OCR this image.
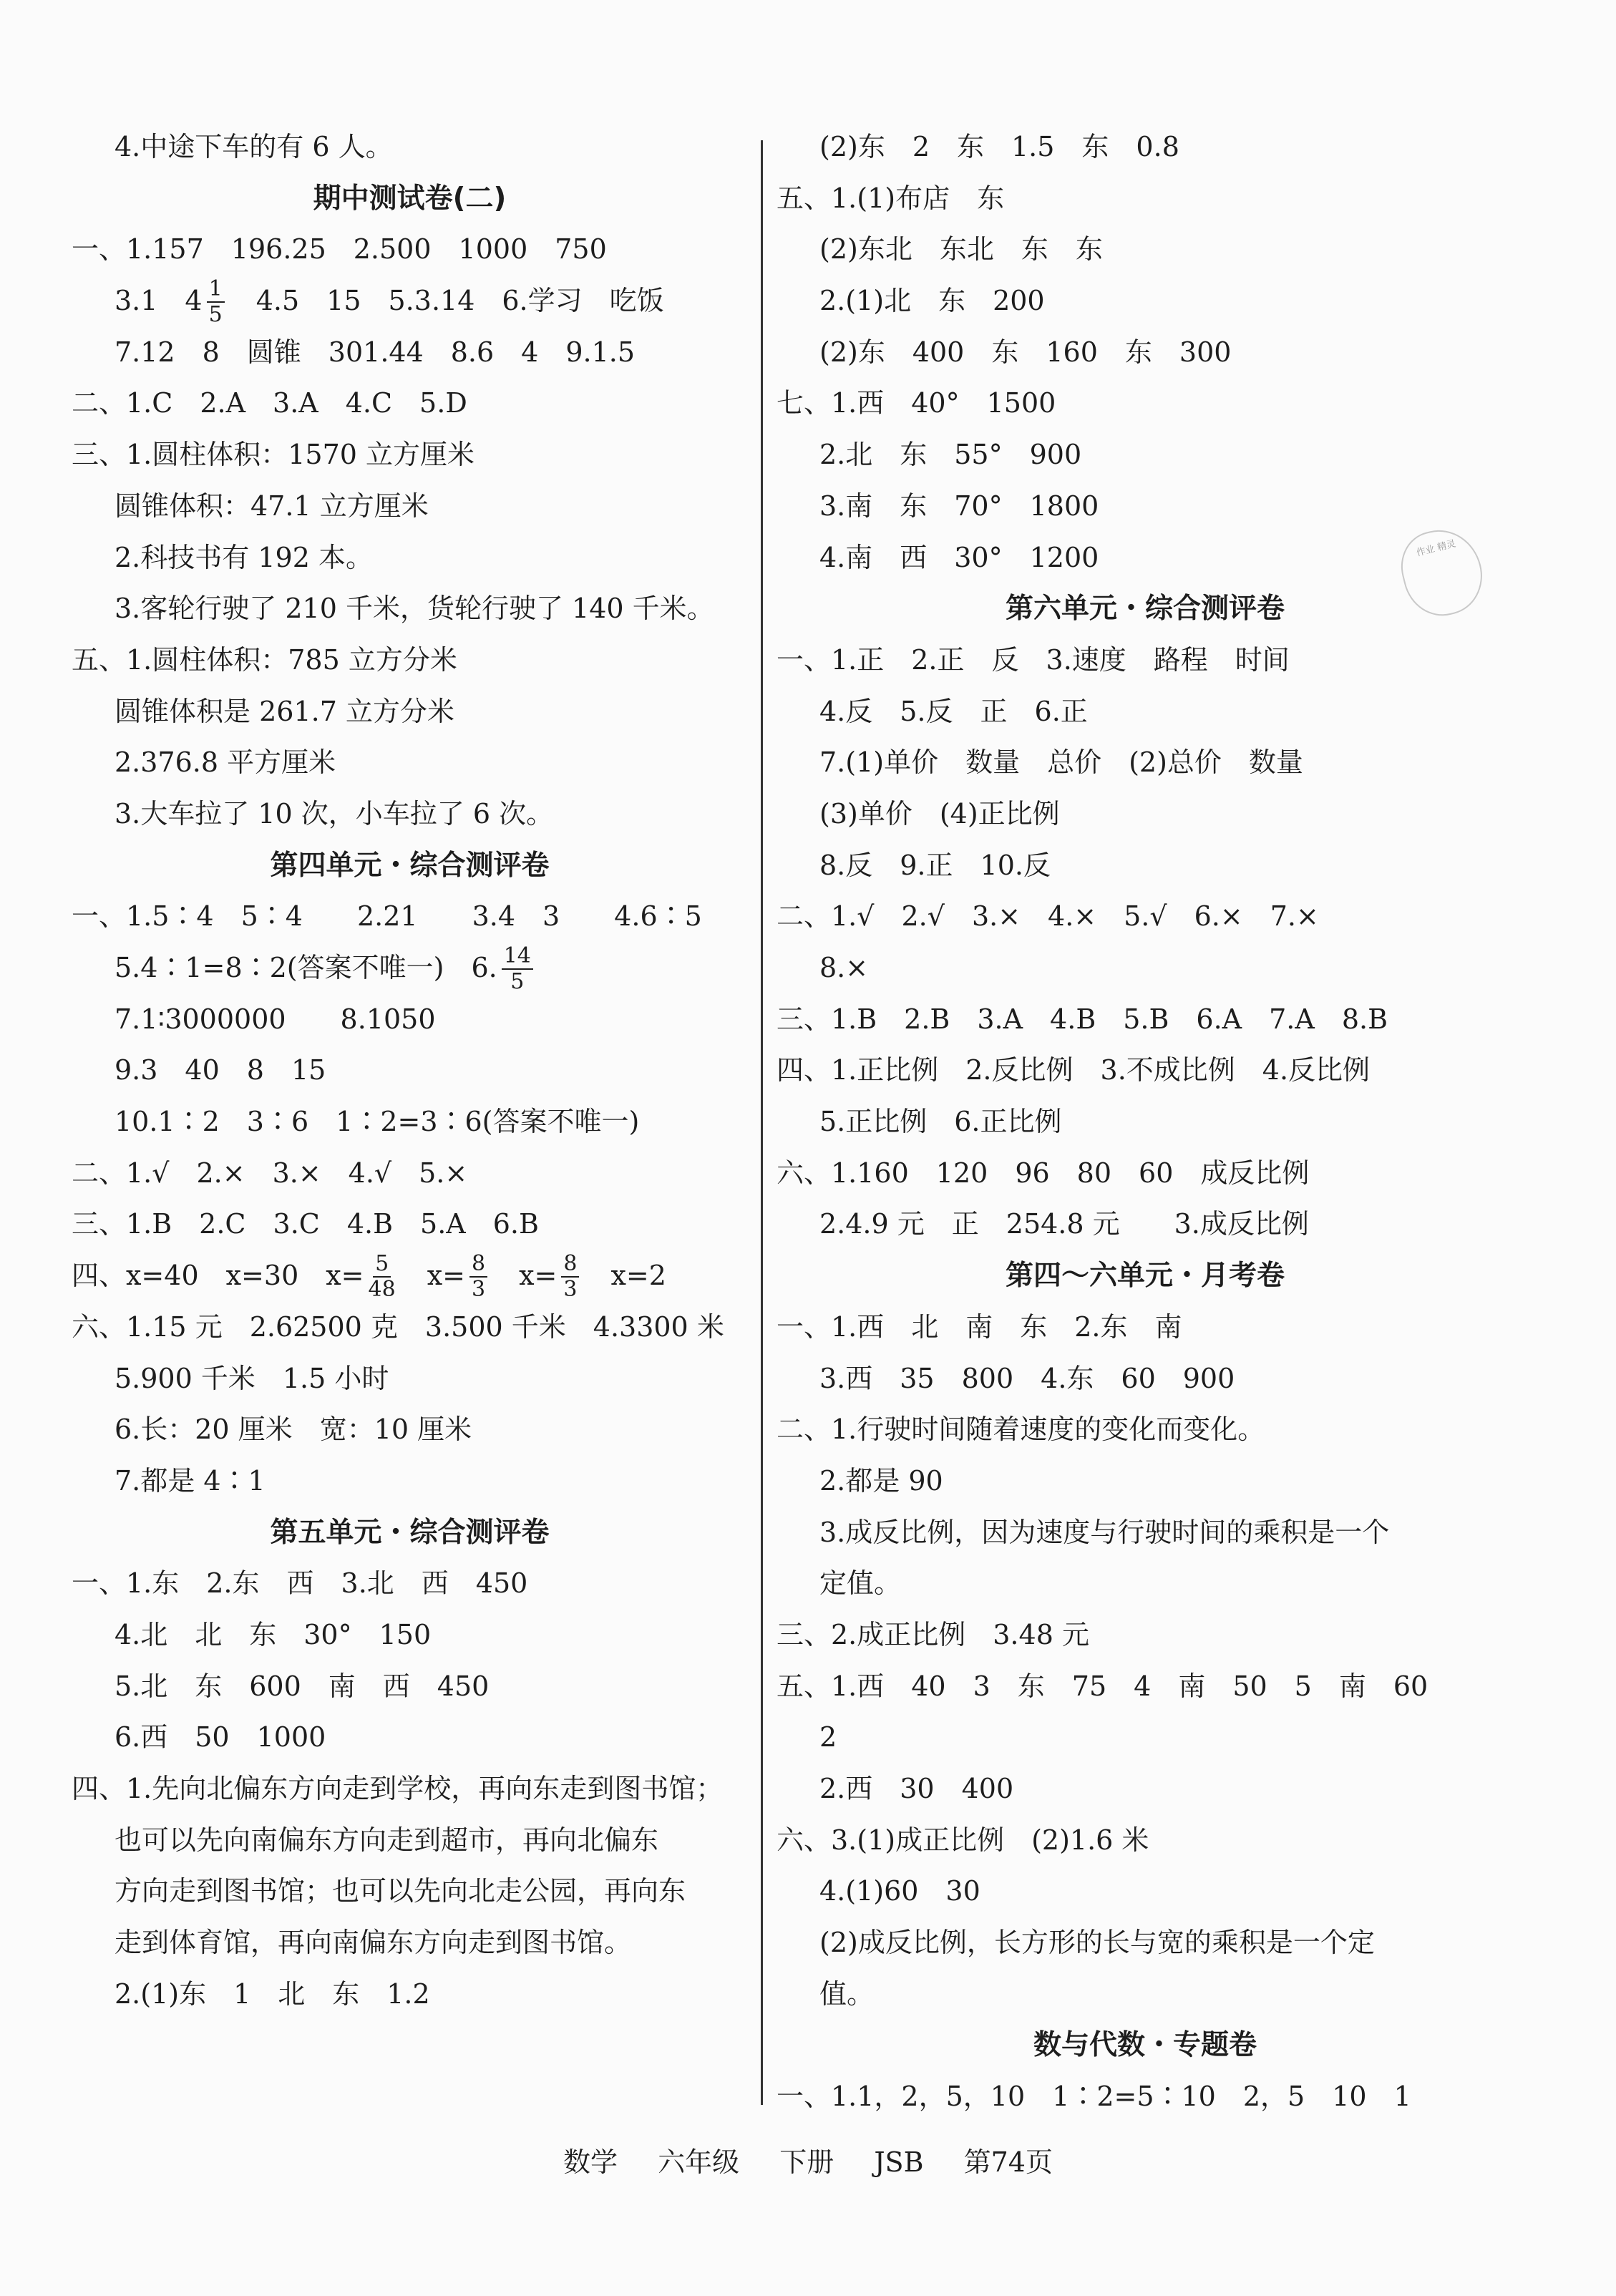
4.中途下车的有 6 人。
期中测试卷(二)
一、1.157　196.25　2.500　1000　750
3.1　$4 \frac{1}{5}$ 　4.5　15　5.3.14　6.学习　吃饭
7.12　8　圆锥　301.44　8.6　4　9.1.5
二、1.C　2.A　3.A　4.C　5.D
三、1.圆柱体积：1570 立方厘米
圆锥体积：47.1 立方厘米
2.科技书有 192 本。
3.客轮行驶了 210 千米，货轮行驶了 140 千米。
五、1.圆柱体积：785 立方分米
圆锥体积是 261.7 立方分米
2.376.8 平方厘米
3.大车拉了 10 次，小车拉了 6 次。
第四单元・综合测评卷
一、1.5∶4　5∶4　　2.21　　3.4　3　　4.6∶5
5.4∶1=8∶2(答案不唯一)　6. $\frac{14}{5}$
7.1∶3000000　　8.1050
9.3　40　8　15
10.1∶2　3∶6　1∶2=3∶6(答案不唯一)
二、1.√　2.×　3.×　4.√　5.×
三、1.B　2.C　3.C　4.B　5.A　6.B
四、x=40　x=30　$x= \frac{5}{48}$ 　$x= \frac{8}{3}$ 　$x= \frac{8}{3}$ 　x=2
六、1.15 元　2.62500 克　3.500 千米　4.3300 米
5.900 千米　1.5 小时
6.长：20 厘米　宽：10 厘米
7.都是 4∶1
第五单元・综合测评卷
一、1.东　2.东　西　3.北　西　450
4.北　北　东　30°　150
5.北　东　600　南　西　450
6.西　50　1000
四、1.先向北偏东方向走到学校，再向东走到图书馆；
也可以先向南偏东方向走到超市，再向北偏东
方向走到图书馆；也可以先向北走公园，再向东
走到体育馆，再向南偏东方向走到图书馆。
2.(1)东　1　北　东　1.2
(2)东　2　东　1.5　东　0.8
五、1.(1)布店　东
(2)东北　东北　东　东
2.(1)北　东　200
(2)东　400　东　160　东　300
七、1.西　40°　1500
2.北　东　55°　900
3.南　东　70°　1800
4.南　西　30°　1200
第六单元・综合测评卷
一、1.正　2.正　反　3.速度　路程　时间
4.反　5.反　正　6.正
7.(1)单价　数量　总价　(2)总价　数量
(3)单价　(4)正比例
8.反　9.正　10.反
二、1.√　2.√　3.×　4.×　5.√　6.×　7.×
8.×
三、1.B　2.B　3.A　4.B　5.B　6.A　7.A　8.B
四、1.正比例　2.反比例　3.不成比例　4.反比例
5.正比例　6.正比例
六、1.160　120　96　80　60　成反比例
2.4.9 元　正　254.8 元　　3.成反比例
第四～六单元・月考卷
一、1.西　北　南　东　2.东　南
3.西　35　800　4.东　60　900
二、1.行驶时间随着速度的变化而变化。
2.都是 90
3.成反比例，因为速度与行驶时间的乘积是一个
定值。
三、2.成正比例　3.48 元
五、1.西　40　3　东　75　4　南　50　5　南　60
2
2.西　30　400
六、3.(1)成正比例　(2)1.6 米
4.(1)60　30
(2)成反比例，长方形的长与宽的乘积是一个定
值。
数与代数・专题卷
一、1.1，2，5，10　1∶2=5∶10　2，5　10　1
作业 精灵
数学 六年级 下册 JSB 第74页
